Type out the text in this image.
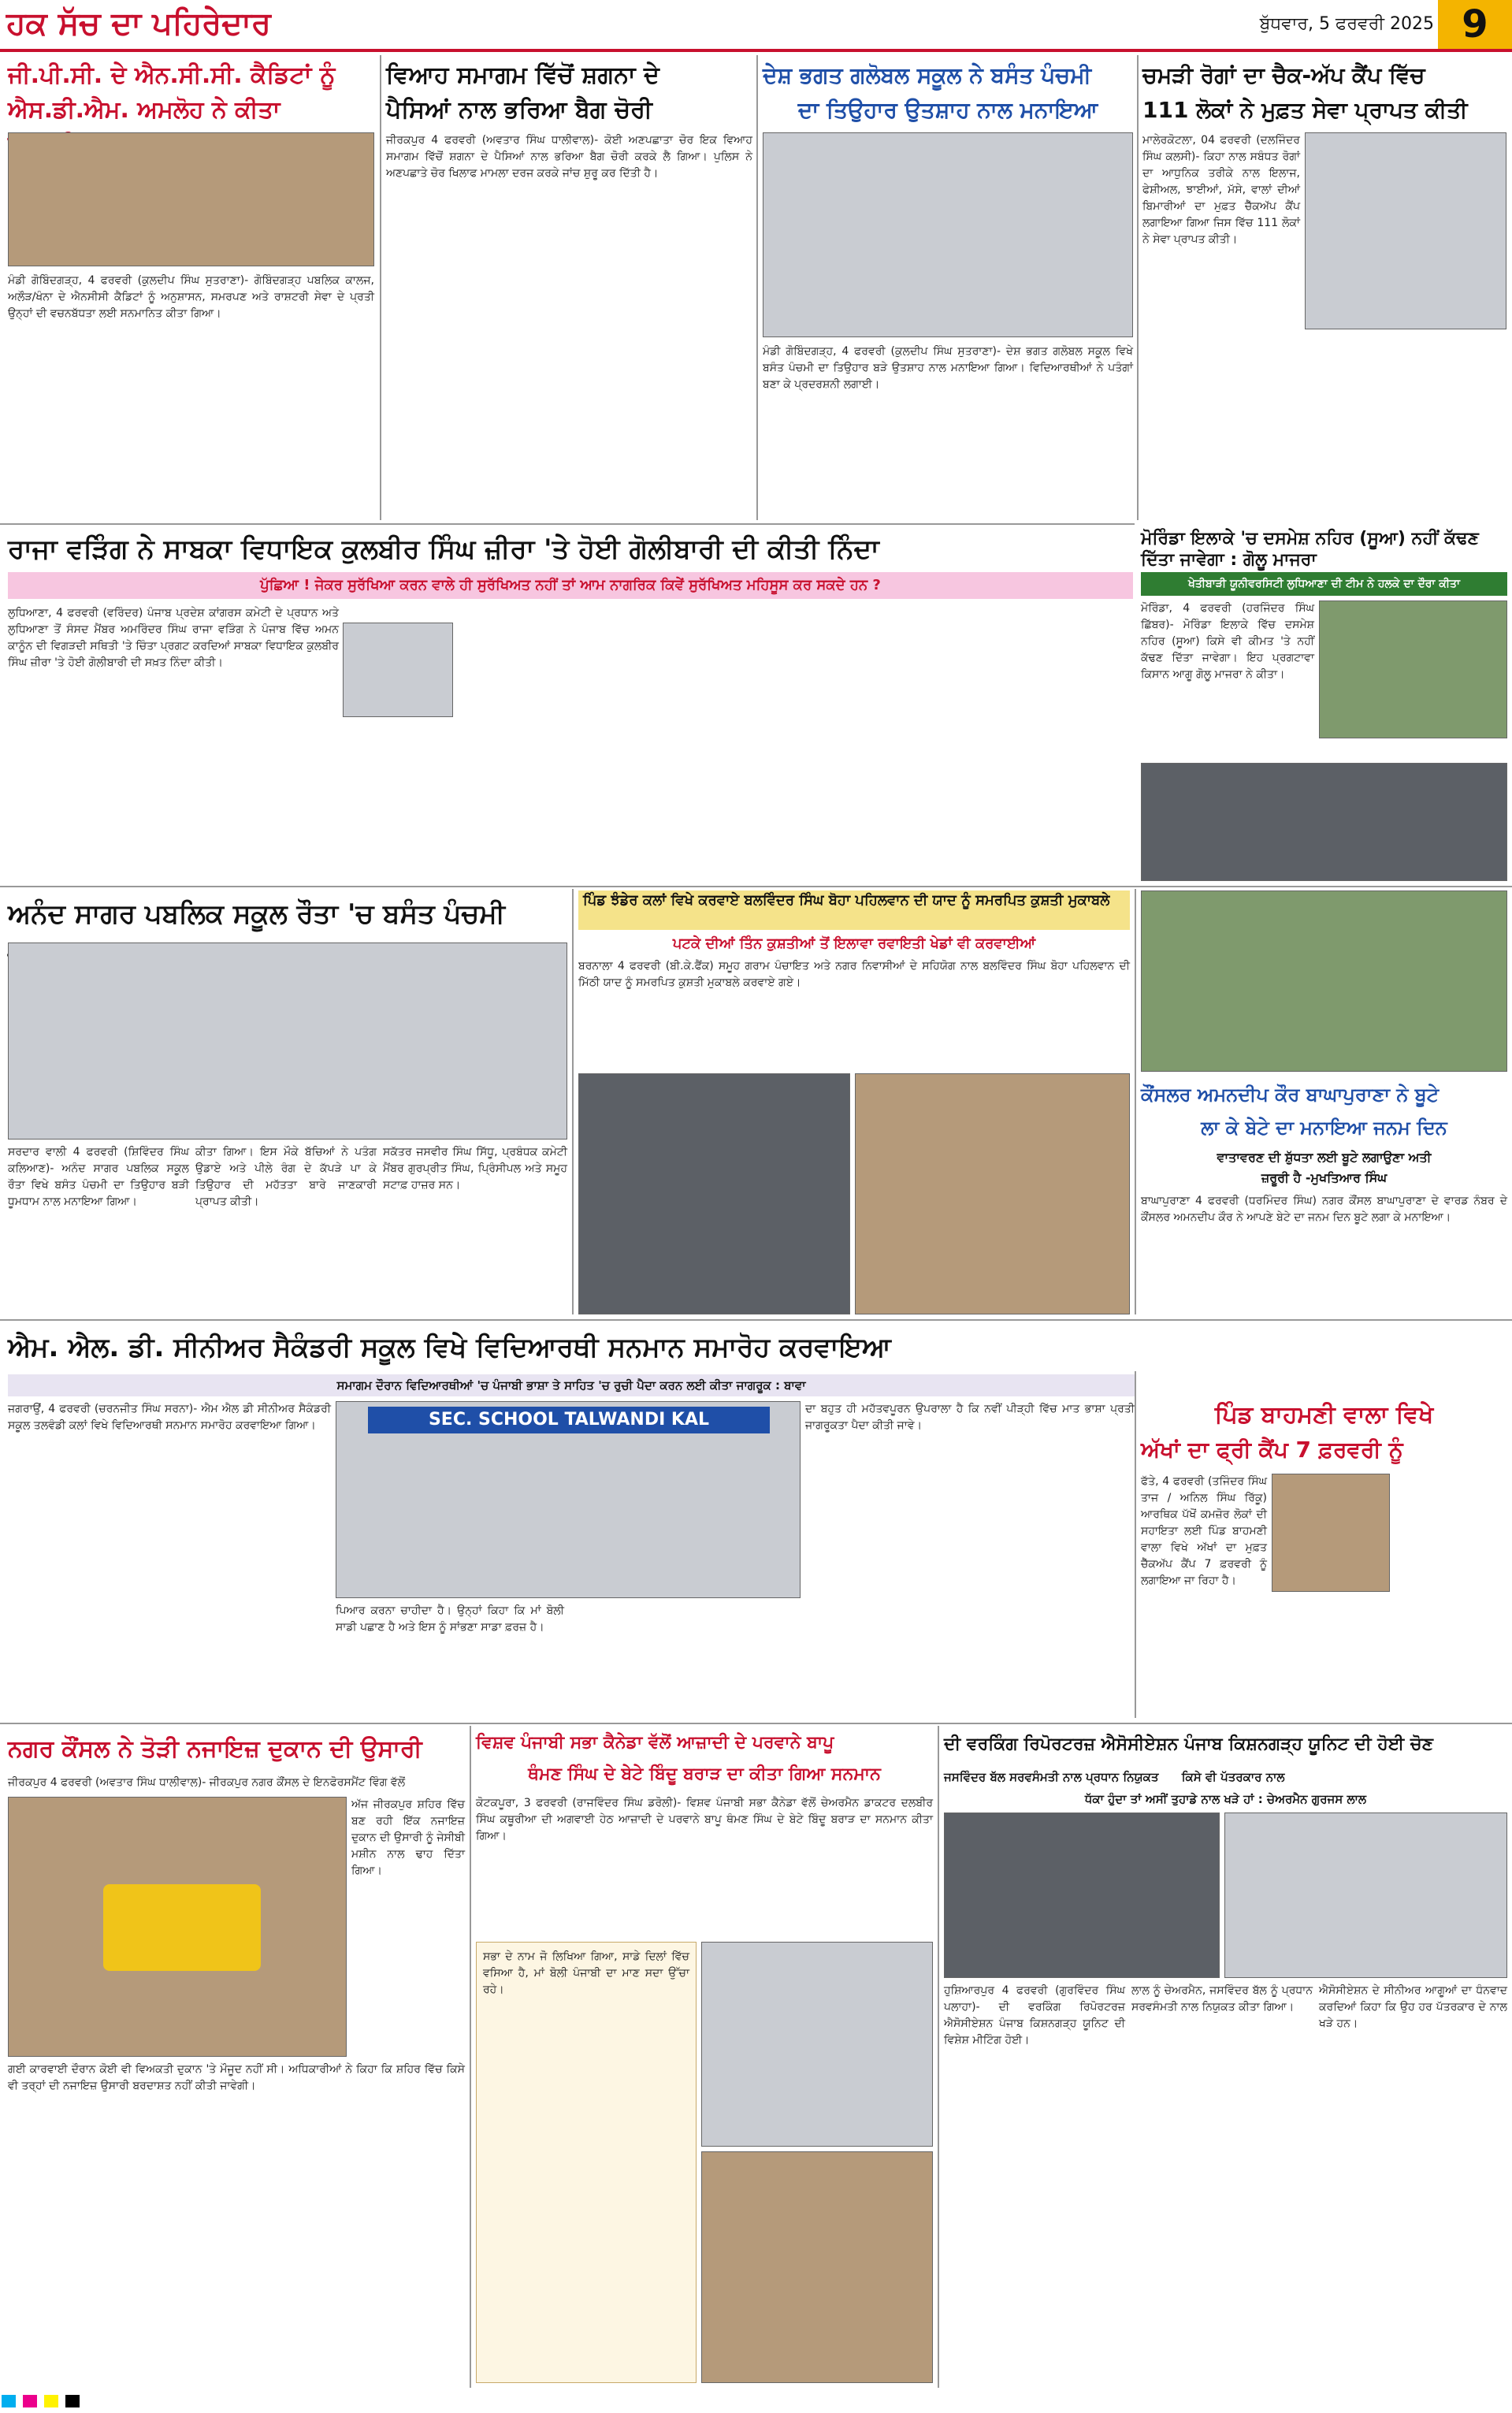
ਹਕ ਸੱਚ ਦਾ ਪਹਿਰੇਦਾਰ	ਬੁੱਧਵਾਰ, 5 ਫਰਵਰੀ 2025 9
ਜੀ.ਪੀ.ਸੀ. ਦੇ ਐਨ.ਸੀ.ਸੀ. ਕੈਡਿਟਾਂ ਨੂੰ
ਐਸ.ਡੀ.ਐਮ. ਅਮਲੋਹ ਨੇ ਕੀਤਾ
ਮੰਡੀ ਗੋਬਿੰਦਗੜ੍ਹ, 4 ਫਰਵਰੀ (ਕੁਲਦੀਪ ਸਿੰਘ ਸੁਤਰਾਣਾ)- ਗੋਬਿੰਦਗੜ੍ਹ ਪਬਲਿਕ ਕਾਲਜ, ਅਲੌੜ/ਖੰਨਾ ਦੇ ਐਨਸੀਸੀ ਕੈਡਿਟਾਂ ਨੂੰ ਅਨੁਸ਼ਾਸਨ, ਸਮਰਪਣ ਅਤੇ ਰਾਸ਼ਟਰੀ ਸੇਵਾ ਦੇ ਪ੍ਰਤੀ ਉਨ੍ਹਾਂ ਦੀ ਵਚਨਬੱਧਤਾ ਲਈ ਸਨਮਾਨਿਤ ਕੀਤਾ ਗਿਆ।
ਵਿਆਹ ਸਮਾਗਮ ਵਿੱਚੋਂ ਸ਼ਗਨਾ ਦੇ
ਪੈਸਿਆਂ ਨਾਲ ਭਰਿਆ ਬੈਗ ਚੋਰੀ
ਜੀਰਕਪੁਰ 4 ਫਰਵਰੀ (ਅਵਤਾਰ ਸਿੰਘ ਧਾਲੀਵਾਲ)- ਕੋਈ ਅਣਪਛਾਤਾ ਚੋਰ ਇਕ ਵਿਆਹ ਸਮਾਗਮ ਵਿੱਚੋਂ ਸ਼ਗਨਾ ਦੇ ਪੈਸਿਆਂ ਨਾਲ ਭਰਿਆ ਬੈਗ ਚੋਰੀ ਕਰਕੇ ਲੈ ਗਿਆ। ਪੁਲਿਸ ਨੇ ਅਣਪਛਾਤੇ ਚੋਰ ਖਿਲਾਫ ਮਾਮਲਾ ਦਰਜ ਕਰਕੇ ਜਾਂਚ ਸ਼ੁਰੂ ਕਰ ਦਿੱਤੀ ਹੈ।
ਦੇਸ਼ ਭਗਤ ਗਲੋਬਲ ਸਕੂਲ ਨੇ ਬਸੰਤ ਪੰਚਮੀ
ਦਾ ਤਿਉਹਾਰ ਉਤਸ਼ਾਹ ਨਾਲ ਮਨਾਇਆ
ਮੰਡੀ ਗੋਬਿੰਦਗੜ੍ਹ, 4 ਫਰਵਰੀ (ਕੁਲਦੀਪ ਸਿੰਘ ਸੁਤਰਾਣਾ)- ਦੇਸ਼ ਭਗਤ ਗਲੋਬਲ ਸਕੂਲ ਵਿਖੇ ਬਸੰਤ ਪੰਚਮੀ ਦਾ ਤਿਉਹਾਰ ਬੜੇ ਉਤਸ਼ਾਹ ਨਾਲ ਮਨਾਇਆ ਗਿਆ। ਵਿਦਿਆਰਥੀਆਂ ਨੇ ਪਤੰਗਾਂ ਬਣਾ ਕੇ ਪ੍ਰਦਰਸ਼ਨੀ ਲਗਾਈ।
ਚਮੜੀ ਰੋਗਾਂ ਦਾ ਚੈਕ-ਅੱਪ ਕੈਂਪ ਵਿੱਚ
111 ਲੋਕਾਂ ਨੇ ਮੁਫ਼ਤ ਸੇਵਾ ਪ੍ਰਾਪਤ ਕੀਤੀ
ਮਾਲੇਰਕੋਟਲਾ, 04 ਫਰਵਰੀ (ਦਲਜਿੰਦਰ ਸਿੰਘ ਕਲਸੀ)- ਕਿਹਾ ਨਾਲ ਸਬੰਧਤ ਰੋਗਾਂ ਦਾ ਆਧੁਨਿਕ ਤਰੀਕੇ ਨਾਲ ਇਲਾਜ, ਫੇਸ਼ੀਅਲ, ਝਾਈਆਂ, ਮੱਸੇ, ਵਾਲਾਂ ਦੀਆਂ ਬਿਮਾਰੀਆਂ ਦਾ ਮੁਫ਼ਤ ਚੈੱਕਅੱਪ ਕੈਂਪ ਲਗਾਇਆ ਗਿਆ ਜਿਸ ਵਿੱਚ 111 ਲੋਕਾਂ ਨੇ ਸੇਵਾ ਪ੍ਰਾਪਤ ਕੀਤੀ।
ਰਾਜਾ ਵੜਿੰਗ ਨੇ ਸਾਬਕਾ ਵਿਧਾਇਕ ਕੁਲਬੀਰ ਸਿੰਘ ਜ਼ੀਰਾ 'ਤੇ ਹੋਈ ਗੋਲੀਬਾਰੀ ਦੀ ਕੀਤੀ ਨਿੰਦਾ
ਪੁੱਛਿਆ ! ਜੇਕਰ ਸੁਰੱਖਿਆ ਕਰਨ ਵਾਲੇ ਹੀ ਸੁਰੱਖਿਅਤ ਨਹੀਂ ਤਾਂ ਆਮ ਨਾਗਰਿਕ ਕਿਵੇਂ ਸੁਰੱਖਿਅਤ ਮਹਿਸੂਸ ਕਰ ਸਕਦੇ ਹਨ ?
ਲੁਧਿਆਣਾ, 4 ਫਰਵਰੀ (ਵਰਿੰਦਰ) ਪੰਜਾਬ ਪ੍ਰਦੇਸ਼ ਕਾਂਗਰਸ ਕਮੇਟੀ ਦੇ ਪ੍ਰਧਾਨ ਅਤੇ ਲੁਧਿਆਣਾ ਤੋਂ ਸੰਸਦ ਮੈਂਬਰ ਅਮਰਿੰਦਰ ਸਿੰਘ ਰਾਜਾ ਵੜਿੰਗ ਨੇ ਪੰਜਾਬ ਵਿੱਚ ਅਮਨ ਕਾਨੂੰਨ ਦੀ ਵਿਗੜਦੀ ਸਥਿਤੀ 'ਤੇ ਚਿੰਤਾ ਪ੍ਰਗਟ ਕਰਦਿਆਂ ਸਾਬਕਾ ਵਿਧਾਇਕ ਕੁਲਬੀਰ ਸਿੰਘ ਜ਼ੀਰਾ 'ਤੇ ਹੋਈ ਗੋਲੀਬਾਰੀ ਦੀ ਸਖ਼ਤ ਨਿੰਦਾ ਕੀਤੀ।
ਮੋਰਿੰਡਾ ਇਲਾਕੇ 'ਚ ਦਸਮੇਸ਼ ਨਹਿਰ (ਸੂਆ) ਨਹੀਂ ਕੱਢਣ ਦਿੱਤਾ ਜਾਵੇਗਾ : ਗੋਲੂ ਮਾਜਰਾ
ਖੇਤੀਬਾੜੀ ਯੂਨੀਵਰਸਿਟੀ ਲੁਧਿਆਣਾ ਦੀ ਟੀਮ ਨੇ ਹਲਕੇ ਦਾ ਦੌਰਾ ਕੀਤਾ
ਮੋਰਿੰਡਾ, 4 ਫਰਵਰੀ (ਹਰਜਿੰਦਰ ਸਿੰਘ ਛਿੱਬਰ)- ਮੋਰਿੰਡਾ ਇਲਾਕੇ ਵਿੱਚ ਦਸਮੇਸ਼ ਨਹਿਰ (ਸੂਆ) ਕਿਸੇ ਵੀ ਕੀਮਤ 'ਤੇ ਨਹੀਂ ਕੱਢਣ ਦਿੱਤਾ ਜਾਵੇਗਾ। ਇਹ ਪ੍ਰਗਟਾਵਾ ਕਿਸਾਨ ਆਗੂ ਗੋਲੂ ਮਾਜਰਾ ਨੇ ਕੀਤਾ।
ਅਨੰਦ ਸਾਗਰ ਪਬਲਿਕ ਸਕੂਲ ਰੌਤਾ 'ਚ ਬਸੰਤ ਪੰਚਮੀ
ਸਰਦਾਰ ਵਾਲੀ 4 ਫਰਵਰੀ (ਸ਼ਿਵਿੰਦਰ ਸਿੰਘ ਕਲਿਆਣ)- ਅਨੰਦ ਸਾਗਰ ਪਬਲਿਕ ਸਕੂਲ ਰੌਤਾ ਵਿਖੇ ਬਸੰਤ ਪੰਚਮੀ ਦਾ ਤਿਉਹਾਰ ਬੜੀ ਧੂਮਧਾਮ ਨਾਲ ਮਨਾਇਆ ਗਿਆ।
ਕੀਤਾ ਗਿਆ। ਇਸ ਮੌਕੇ ਬੱਚਿਆਂ ਨੇ ਪਤੰਗ ਉਡਾਏ ਅਤੇ ਪੀਲੇ ਰੰਗ ਦੇ ਕੱਪੜੇ ਪਾ ਕੇ ਤਿਉਹਾਰ ਦੀ ਮਹੱਤਤਾ ਬਾਰੇ ਜਾਣਕਾਰੀ ਪ੍ਰਾਪਤ ਕੀਤੀ।
ਸਕੱਤਰ ਜਸਵੀਰ ਸਿੰਘ ਸਿੱਧੂ, ਪ੍ਰਬੰਧਕ ਕਮੇਟੀ ਮੈਂਬਰ ਗੁਰਪ੍ਰੀਤ ਸਿੰਘ, ਪ੍ਰਿੰਸੀਪਲ ਅਤੇ ਸਮੂਹ ਸਟਾਫ਼ ਹਾਜ਼ਰ ਸਨ।
ਪਿੰਡ ਝੰਡੇਰ ਕਲਾਂ ਵਿਖੇ ਕਰਵਾਏ ਬਲਵਿੰਦਰ ਸਿੰਘ ਬੋਹਾ ਪਹਿਲਵਾਨ ਦੀ ਯਾਦ ਨੂੰ ਸਮਰਪਿਤ ਕੁਸ਼ਤੀ ਮੁਕਾਬਲੇ
ਪਟਕੇ ਦੀਆਂ ਤਿੰਨ ਕੁਸ਼ਤੀਆਂ ਤੋਂ ਇਲਾਵਾ ਰਵਾਇਤੀ ਖੇਡਾਂ ਵੀ ਕਰਵਾਈਆਂ
ਬਰਨਾਲਾ 4 ਫਰਵਰੀ (ਬੀ.ਕੇ.ਫੈਂਕ) ਸਮੂਹ ਗਰਾਮ ਪੰਚਾਇਤ ਅਤੇ ਨਗਰ ਨਿਵਾਸੀਆਂ ਦੇ ਸਹਿਯੋਗ ਨਾਲ ਬਲਵਿੰਦਰ ਸਿੰਘ ਬੋਹਾ ਪਹਿਲਵਾਨ ਦੀ ਮਿੱਠੀ ਯਾਦ ਨੂੰ ਸਮਰਪਿਤ ਕੁਸ਼ਤੀ ਮੁਕਾਬਲੇ ਕਰਵਾਏ ਗਏ।
ਕੌਂਸਲਰ ਅਮਨਦੀਪ ਕੌਰ ਬਾਘਾਪੁਰਾਣਾ ਨੇ ਬੂਟੇ
ਲਾ ਕੇ ਬੇਟੇ ਦਾ ਮਨਾਇਆ ਜਨਮ ਦਿਨ
ਵਾਤਾਵਰਣ ਦੀ ਸ਼ੁੱਧਤਾ ਲਈ ਬੂਟੇ ਲਗਾਉਣਾ ਅਤੀ
ਜ਼ਰੂਰੀ ਹੈ -ਮੁਖਤਿਆਰ ਸਿੰਘ
ਬਾਘਾਪੁਰਾਣਾ 4 ਫਰਵਰੀ (ਧਰਮਿੰਦਰ ਸਿੰਘ) ਨਗਰ ਕੌਂਸਲ ਬਾਘਾਪੁਰਾਣਾ ਦੇ ਵਾਰਡ ਨੰਬਰ ਦੇ ਕੌਂਸਲਰ ਅਮਨਦੀਪ ਕੌਰ ਨੇ ਆਪਣੇ ਬੇਟੇ ਦਾ ਜਨਮ ਦਿਨ ਬੂਟੇ ਲਗਾ ਕੇ ਮਨਾਇਆ।
ਐਮ. ਐਲ. ਡੀ. ਸੀਨੀਅਰ ਸੈਕੰਡਰੀ ਸਕੂਲ ਵਿਖੇ ਵਿਦਿਆਰਥੀ ਸਨਮਾਨ ਸਮਾਰੋਹ ਕਰਵਾਇਆ
ਸਮਾਗਮ ਦੌਰਾਨ ਵਿਦਿਆਰਥੀਆਂ 'ਚ ਪੰਜਾਬੀ ਭਾਸ਼ਾ ਤੇ ਸਾਹਿਤ 'ਚ ਰੁਚੀ ਪੈਦਾ ਕਰਨ ਲਈ ਕੀਤਾ ਜਾਗਰੂਕ : ਬਾਵਾ
ਜਗਰਾਉਂ, 4 ਫਰਵਰੀ (ਚਰਨਜੀਤ ਸਿੰਘ ਸਰਨਾ)- ਐਮ ਐਲ ਡੀ ਸੀਨੀਅਰ ਸੈਕੰਡਰੀ ਸਕੂਲ ਤਲਵੰਡੀ ਕਲਾਂ ਵਿਖੇ ਵਿਦਿਆਰਥੀ ਸਨਮਾਨ ਸਮਾਰੋਹ ਕਰਵਾਇਆ ਗਿਆ।	SEC. SCHOOL TALWANDI KAL
ਪਿਆਰ ਕਰਨਾ ਚਾਹੀਦਾ ਹੈ। ਉਨ੍ਹਾਂ ਕਿਹਾ ਕਿ ਮਾਂ ਬੋਲੀ ਸਾਡੀ ਪਛਾਣ ਹੈ ਅਤੇ ਇਸ ਨੂੰ ਸਾਂਭਣਾ ਸਾਡਾ ਫ਼ਰਜ਼ ਹੈ।
ਦਾ ਬਹੁਤ ਹੀ ਮਹੱਤਵਪੂਰਨ ਉਪਰਾਲਾ ਹੈ ਕਿ ਨਵੀਂ ਪੀੜ੍ਹੀ ਵਿੱਚ ਮਾਤ ਭਾਸ਼ਾ ਪ੍ਰਤੀ ਜਾਗਰੂਕਤਾ ਪੈਦਾ ਕੀਤੀ ਜਾਵੇ।	ਪਿੰਡ ਬਾਹਮਣੀ ਵਾਲਾ ਵਿਖੇ
ਅੱਖਾਂ ਦਾ ਫ੍ਰੀ ਕੈਂਪ 7 ਫ਼ਰਵਰੀ ਨੂੰ
ਫੱਤੇ, 4 ਫਰਵਰੀ (ਤਜਿੰਦਰ ਸਿੰਘ ਤਾਜ / ਅਨਿਲ ਸਿੰਘ ਰਿੱਕੂ) ਆਰਥਿਕ ਪੱਖੋਂ ਕਮਜ਼ੋਰ ਲੋਕਾਂ ਦੀ ਸਹਾਇਤਾ ਲਈ ਪਿੰਡ ਬਾਹਮਣੀ ਵਾਲਾ ਵਿਖੇ ਅੱਖਾਂ ਦਾ ਮੁਫ਼ਤ ਚੈੱਕਅੱਪ ਕੈਂਪ 7 ਫ਼ਰਵਰੀ ਨੂੰ ਲਗਾਇਆ ਜਾ ਰਿਹਾ ਹੈ।
ਨਗਰ ਕੌਂਸਲ ਨੇ ਤੋੜੀ ਨਜਾਇਜ਼ ਦੁਕਾਨ ਦੀ ਉਸਾਰੀ
ਜੀਰਕਪੁਰ 4 ਫਰਵਰੀ (ਅਵਤਾਰ ਸਿੰਘ ਧਾਲੀਵਾਲ)- ਜੀਰਕਪੁਰ ਨਗਰ ਕੌਂਸਲ ਦੇ ਇਨਫੋਰਸਮੈਂਟ ਵਿੰਗ ਵੱਲੋਂ
ਅੱਜ ਜੀਰਕਪੁਰ ਸ਼ਹਿਰ ਵਿੱਚ ਬਣ ਰਹੀ ਇੱਕ ਨਜਾਇਜ਼ ਦੁਕਾਨ ਦੀ ਉਸਾਰੀ ਨੂੰ ਜੇਸੀਬੀ ਮਸ਼ੀਨ ਨਾਲ ਢਾਹ ਦਿੱਤਾ ਗਿਆ।
ਗਈ ਕਾਰਵਾਈ ਦੌਰਾਨ ਕੋਈ ਵੀ ਵਿਅਕਤੀ ਦੁਕਾਨ 'ਤੇ ਮੌਜੂਦ ਨਹੀਂ ਸੀ। ਅਧਿਕਾਰੀਆਂ ਨੇ ਕਿਹਾ ਕਿ ਸ਼ਹਿਰ ਵਿੱਚ ਕਿਸੇ ਵੀ ਤਰ੍ਹਾਂ ਦੀ ਨਜਾਇਜ਼ ਉਸਾਰੀ ਬਰਦਾਸ਼ਤ ਨਹੀਂ ਕੀਤੀ ਜਾਵੇਗੀ।
ਵਿਸ਼ਵ ਪੰਜਾਬੀ ਸਭਾ ਕੈਨੇਡਾ ਵੱਲੋਂ ਆਜ਼ਾਦੀ ਦੇ ਪਰਵਾਨੇ ਬਾਪੂ
ਥੰਮਣ ਸਿੰਘ ਦੇ ਬੇਟੇ ਬਿੰਦੂ ਬਰਾੜ ਦਾ ਕੀਤਾ ਗਿਆ ਸਨਮਾਨ
ਕੋਟਕਪੂਰਾ, 3 ਫਰਵਰੀ (ਰਾਜਵਿੰਦਰ ਸਿੰਘ ਡਰੋਲੀ)- ਵਿਸ਼ਵ ਪੰਜਾਬੀ ਸਭਾ ਕੈਨੇਡਾ ਵੱਲੋਂ ਚੇਅਰਮੈਨ ਡਾਕਟਰ ਦਲਬੀਰ ਸਿੰਘ ਕਥੂਰੀਆ ਦੀ ਅਗਵਾਈ ਹੇਠ ਆਜ਼ਾਦੀ ਦੇ ਪਰਵਾਨੇ ਬਾਪੂ ਥੰਮਣ ਸਿੰਘ ਦੇ ਬੇਟੇ ਬਿੰਦੂ ਬਰਾੜ ਦਾ ਸਨਮਾਨ ਕੀਤਾ ਗਿਆ।
ਸਭਾ ਦੇ ਨਾਮ ਜੋ ਲਿਖਿਆ ਗਿਆ, ਸਾਡੇ ਦਿਲਾਂ ਵਿੱਚ ਵਸਿਆ ਹੈ, ਮਾਂ ਬੋਲੀ ਪੰਜਾਬੀ ਦਾ ਮਾਣ ਸਦਾ ਉੱਚਾ ਰਹੇ।
ਦੀ ਵਰਕਿੰਗ ਰਿਪੋਰਟਰਜ਼ ਐਸੋਸੀਏਸ਼ਨ ਪੰਜਾਬ ਕਿਸ਼ਨਗੜ੍ਹ ਯੂਨਿਟ ਦੀ ਹੋਈ ਚੋਣ
ਜਸਵਿੰਦਰ ਬੱਲ ਸਰਵਸੰਮਤੀ ਨਾਲ ਪ੍ਰਧਾਨ ਨਿਯੁਕਤ ਕਿਸੇ ਵੀ ਪੱਤਰਕਾਰ ਨਾਲ
ਧੱਕਾ ਹੁੰਦਾ ਤਾਂ ਅਸੀਂ ਤੁਹਾਡੇ ਨਾਲ ਖੜੇ ਹਾਂ : ਚੇਅਰਮੈਨ ਗੁਰਜਸ ਲਾਲ
ਹੁਸ਼ਿਆਰਪੁਰ 4 ਫਰਵਰੀ (ਗੁਰਵਿੰਦਰ ਸਿੰਘ ਪਲਾਹਾ)- ਦੀ ਵਰਕਿੰਗ ਰਿਪੋਰਟਰਜ਼ ਐਸੋਸੀਏਸ਼ਨ ਪੰਜਾਬ ਕਿਸ਼ਨਗੜ੍ਹ ਯੂਨਿਟ ਦੀ ਵਿਸ਼ੇਸ਼ ਮੀਟਿੰਗ ਹੋਈ।
ਲਾਲ ਨੂੰ ਚੇਅਰਮੈਨ, ਜਸਵਿੰਦਰ ਬੱਲ ਨੂੰ ਪ੍ਰਧਾਨ ਸਰਵਸੰਮਤੀ ਨਾਲ ਨਿਯੁਕਤ ਕੀਤਾ ਗਿਆ।
ਐਸੋਸੀਏਸ਼ਨ ਦੇ ਸੀਨੀਅਰ ਆਗੂਆਂ ਦਾ ਧੰਨਵਾਦ ਕਰਦਿਆਂ ਕਿਹਾ ਕਿ ਉਹ ਹਰ ਪੱਤਰਕਾਰ ਦੇ ਨਾਲ ਖੜੇ ਹਨ।
